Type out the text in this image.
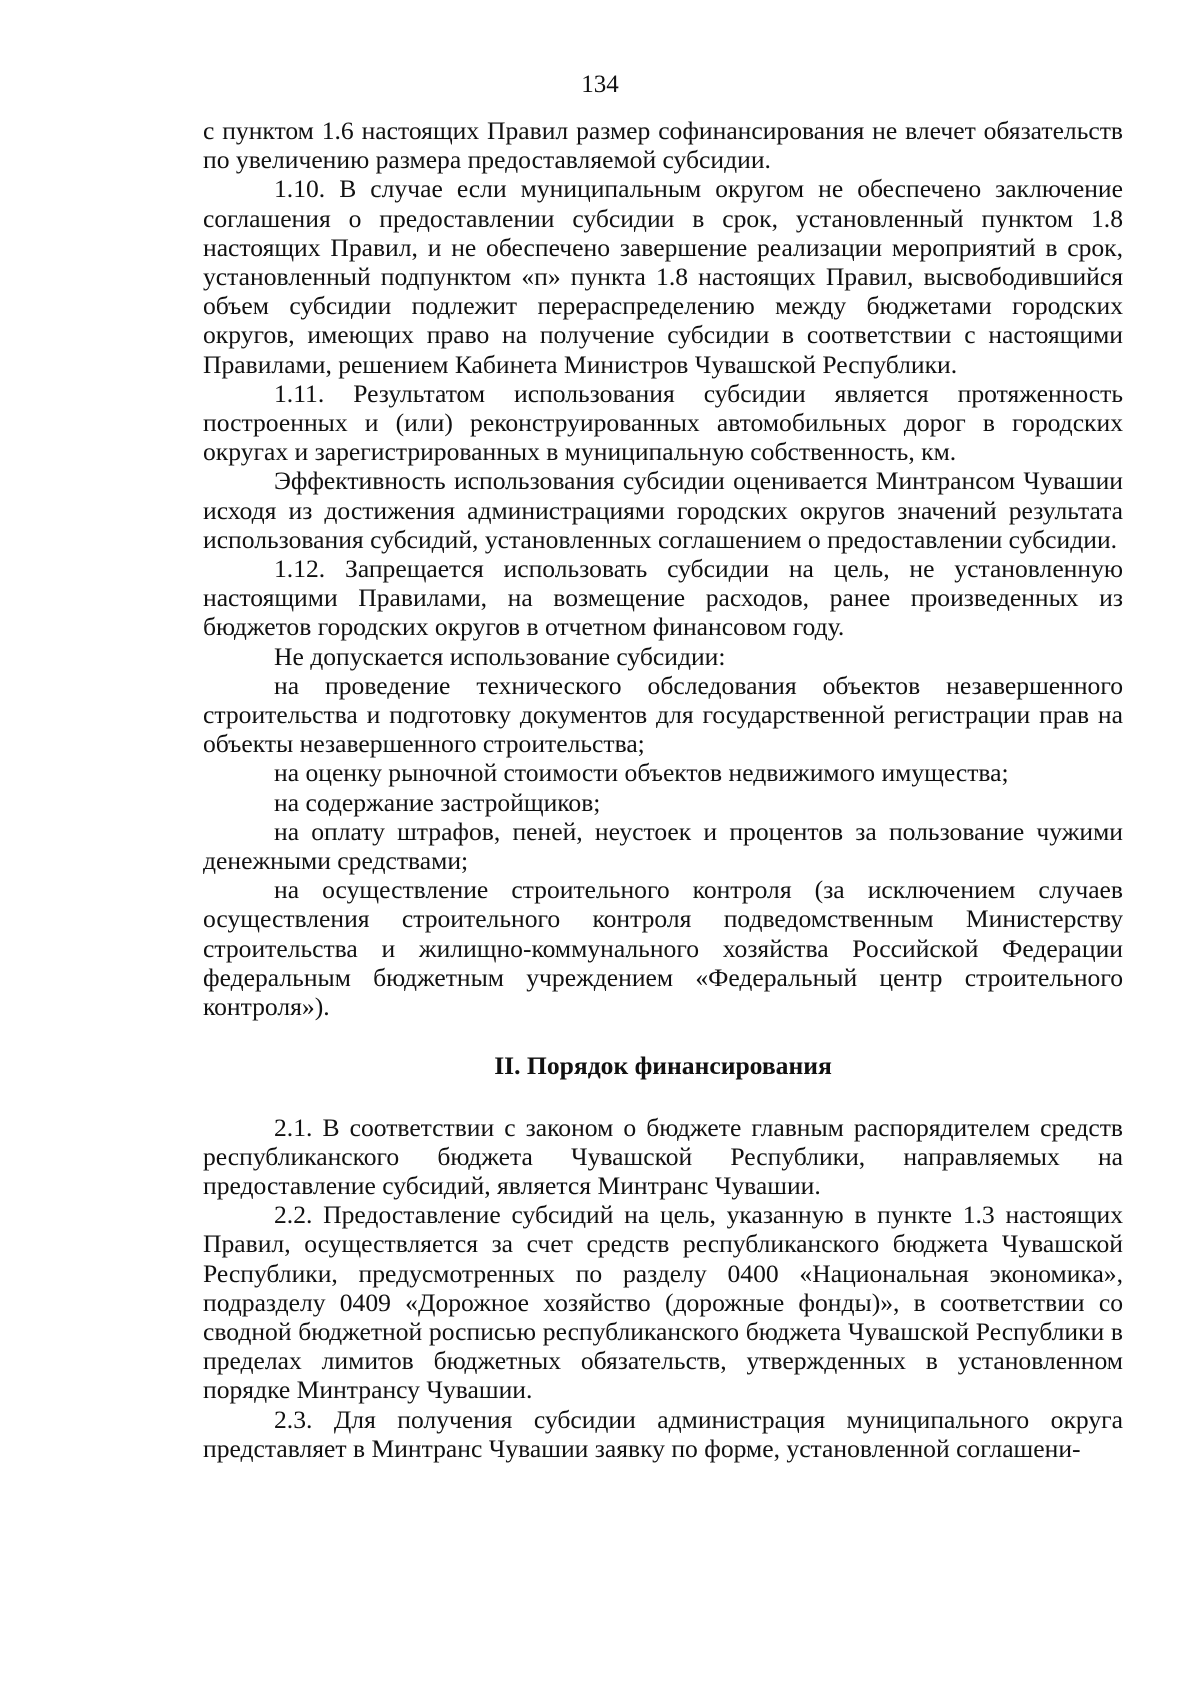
134

с пунктом 1.6 настоящих Правил размер софинансирования не влечет обязательств по увеличению размера предоставляемой субсидии.

1.10. В случае если муниципальным округом не обеспечено заключение соглашения о предоставлении субсидии в срок, установленный пунктом 1.8 настоящих Правил, и не обеспечено завершение реализации мероприятий в срок, установленный подпунктом «п» пункта 1.8 настоящих Правил, высвободившийся объем субсидии подлежит перераспределению между бюджетами городских округов, имеющих право на получение субсидии в соответствии с настоящими Правилами, решением Кабинета Министров Чувашской Республики.

1.11. Результатом использования субсидии является протяженность построенных и (или) реконструированных автомобильных дорог в городских округах и зарегистрированных в муниципальную собственность, км.

Эффективность использования субсидии оценивается Минтрансом Чувашии исходя из достижения администрациями городских округов значений результата использования субсидий, установленных соглашением о предоставлении субсидии.

1.12. Запрещается использовать субсидии на цель, не установленную настоящими Правилами, на возмещение расходов, ранее произведенных из бюджетов городских округов в отчетном финансовом году.

Не допускается использование субсидии:

на проведение технического обследования объектов незавершенного строительства и подготовку документов для государственной регистрации прав на объекты незавершенного строительства;

на оценку рыночной стоимости объектов недвижимого имущества;

на содержание застройщиков;

на оплату штрафов, пеней, неустоек и процентов за пользование чужими денежными средствами;

на осуществление строительного контроля (за исключением случаев осуществления строительного контроля подведомственным Министерству строительства и жилищно-коммунального хозяйства Российской Федерации федеральным бюджетным учреждением «Федеральный центр строительного контроля»).

II. Порядок финансирования

2.1. В соответствии с законом о бюджете главным распорядителем средств республиканского бюджета Чувашской Республики, направляемых на предоставление субсидий, является Минтранс Чувашии.

2.2. Предоставление субсидий на цель, указанную в пункте 1.3 настоящих Правил, осуществляется за счет средств республиканского бюджета Чувашской Республики, предусмотренных по разделу 0400 «Национальная экономика», подразделу 0409 «Дорожное хозяйство (дорожные фонды)», в соответствии со сводной бюджетной росписью республиканского бюджета Чувашской Республики в пределах лимитов бюджетных обязательств, утвержденных в установленном порядке Минтрансу Чувашии.

2.3. Для получения субсидии администрация муниципального округа представляет в Минтранс Чувашии заявку по форме, установленной соглашени-
